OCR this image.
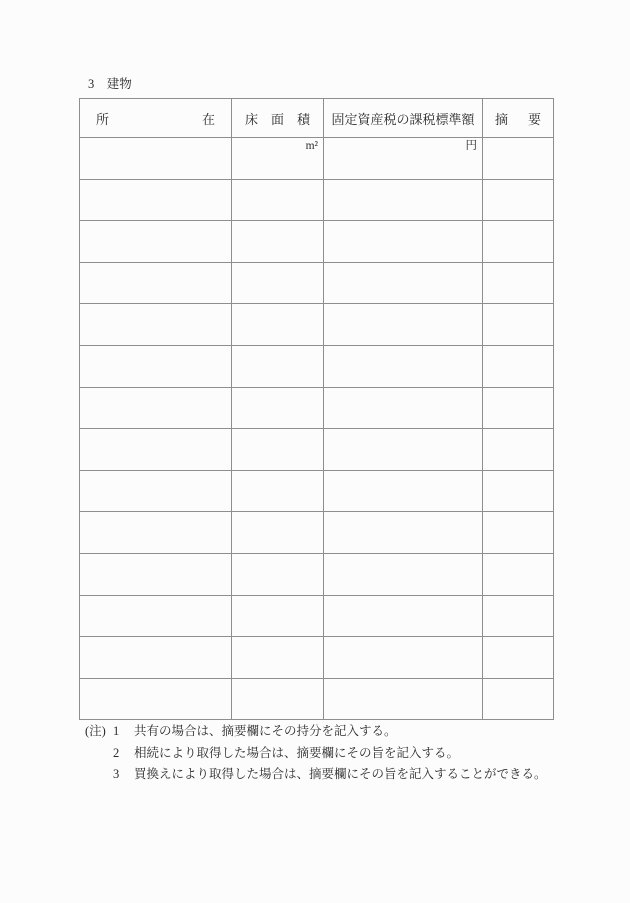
3　建物
所 在	床 面 積	固定資産税の課税標準額	摘 要

	m²	円	

(注) 1 共有の場合は、摘要欄にその持分を記入する。
2 相続により取得した場合は、摘要欄にその旨を記入する。
3 買換えにより取得した場合は、摘要欄にその旨を記入することができる。
